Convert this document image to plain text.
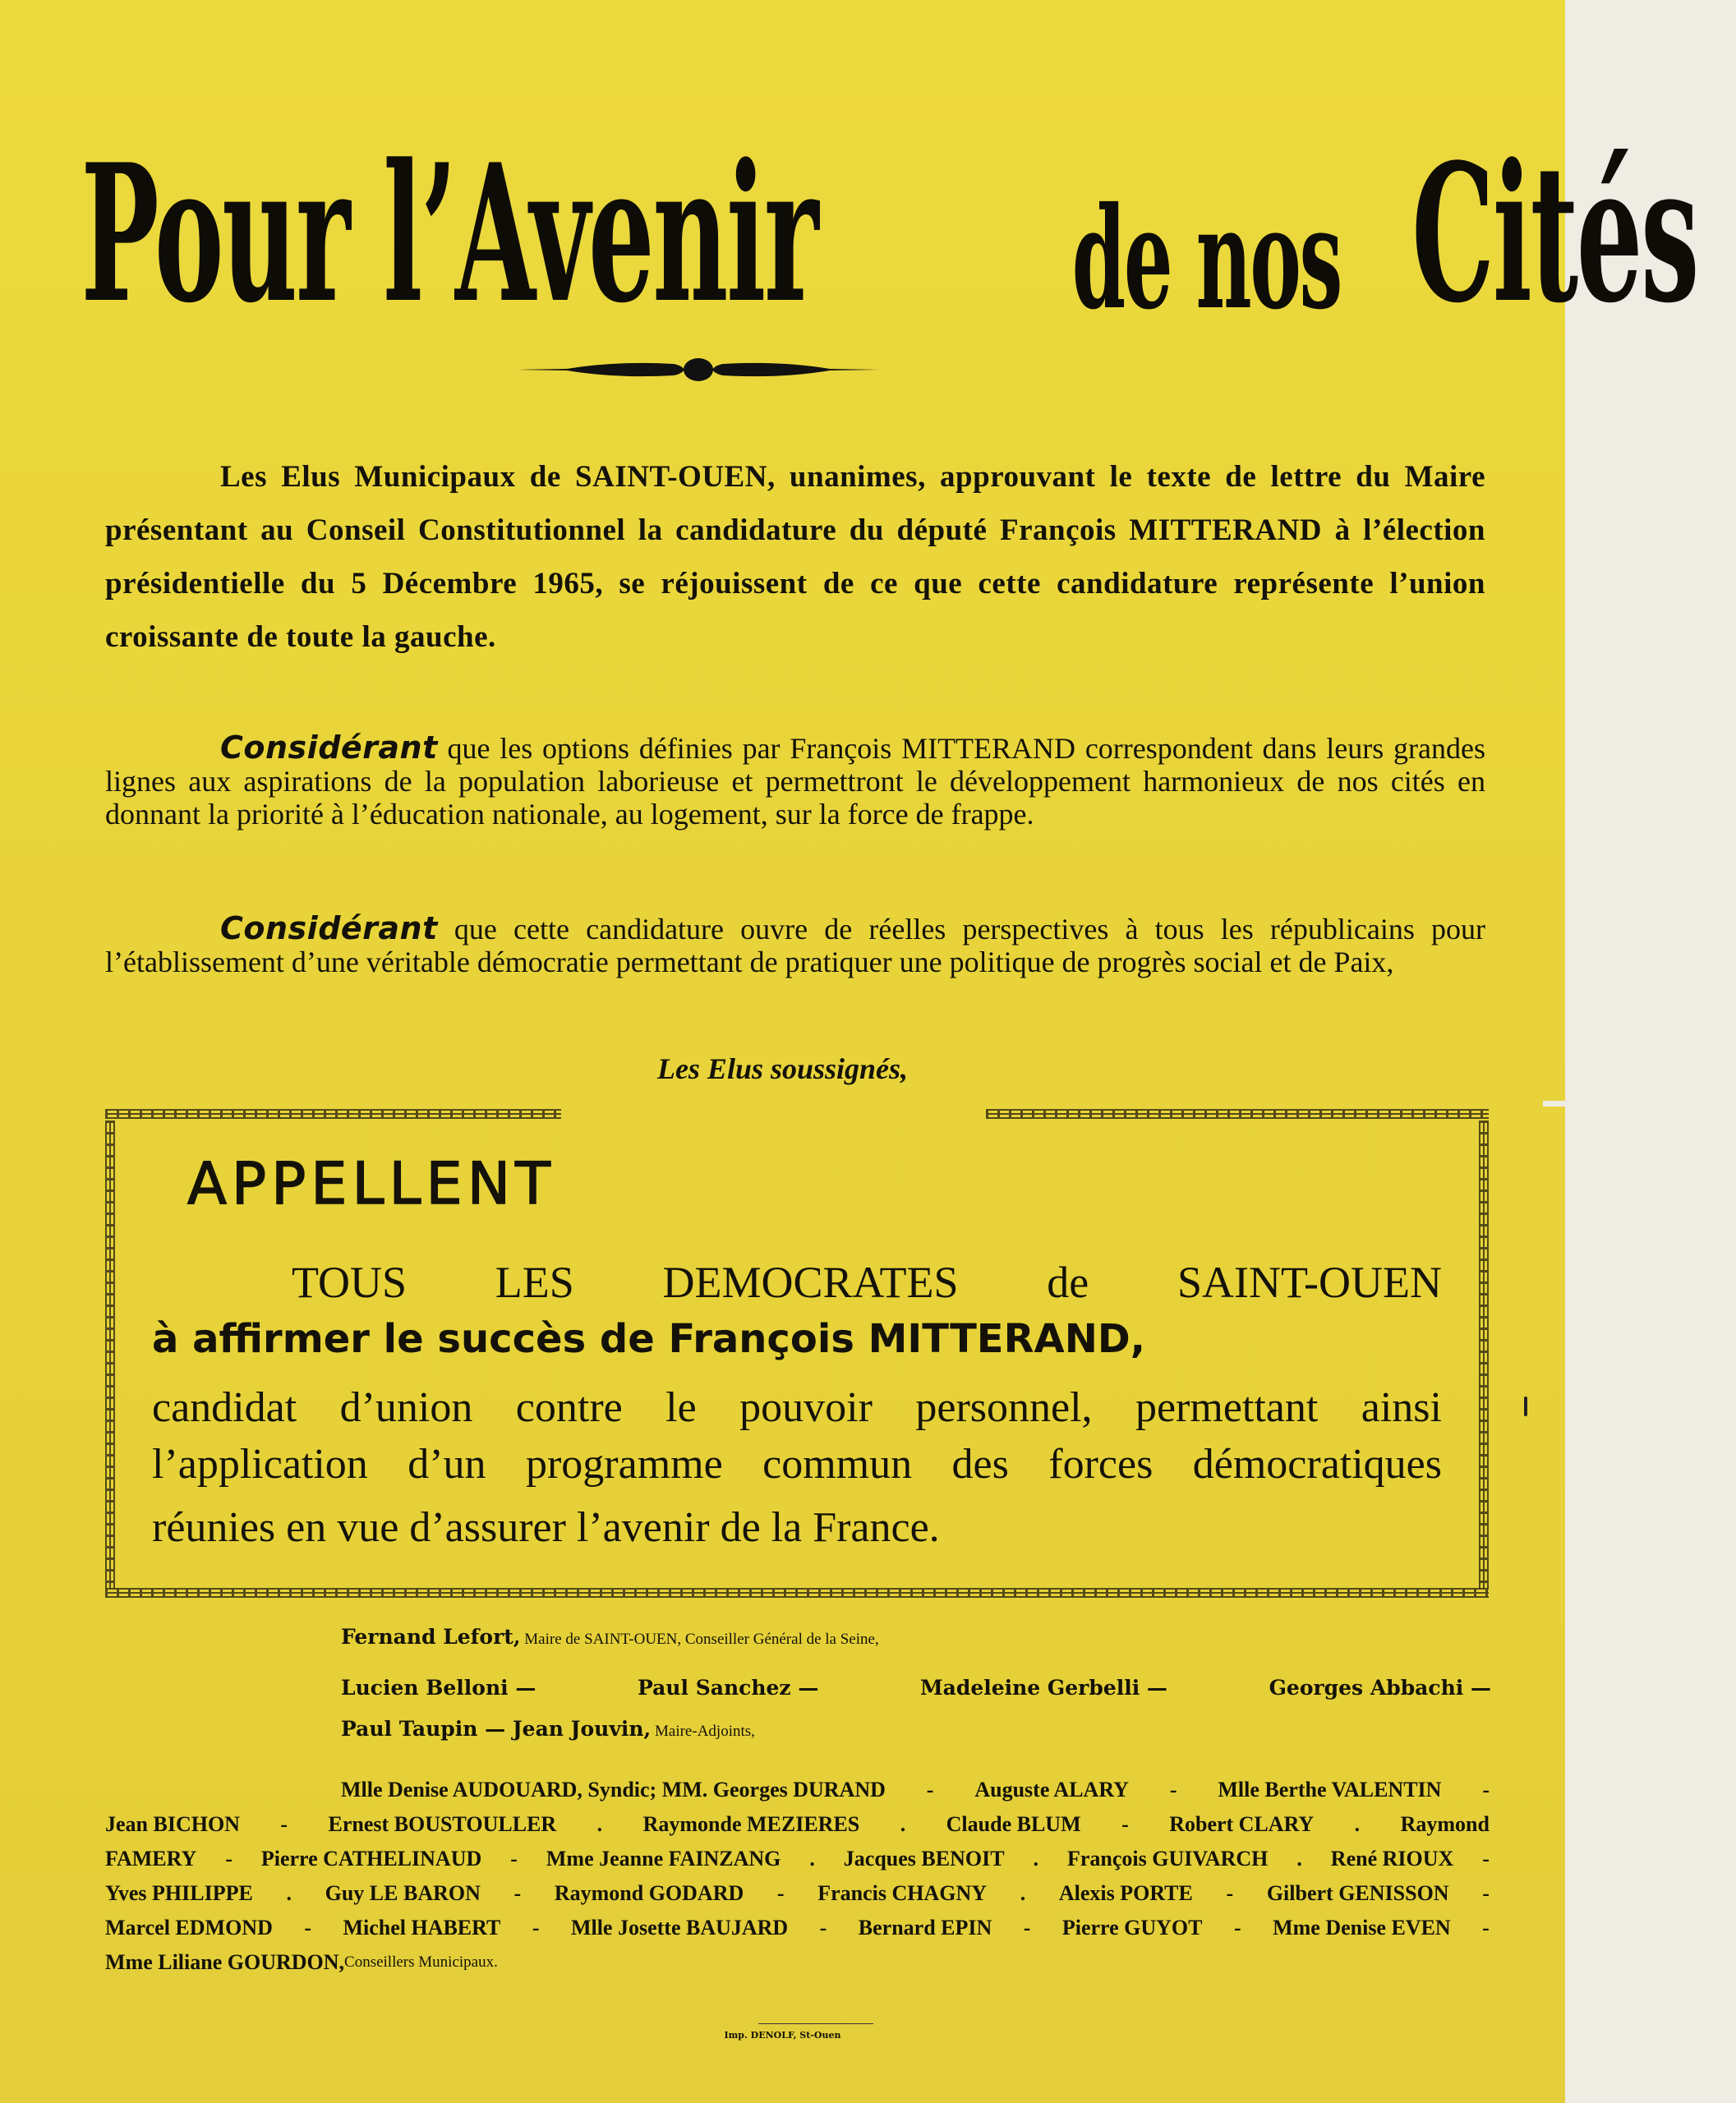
Pour l’Avenir de nos Cités
Les Elus Municipaux de SAINT-OUEN, unanimes, approuvant le texte de lettre du Maire présentant au Conseil Constitutionnel la candidature du député François MITTERAND à l’élection présidentielle du 5 Décembre 1965, se réjouissent de ce que cette candidature représente l’union croissante de toute la gauche.
Considérant que les options définies par François MITTERAND correspondent dans leurs grandes lignes aux aspirations de la population laborieuse et permettront le développement harmonieux de nos cités en donnant la priorité à l’éducation nationale, au logement, sur la force de frappe.
Considérant que cette candidature ouvre de réelles perspectives à tous les républicains pour l’établissement d’une véritable démocratie permettant de pratiquer une politique de progrès social et de Paix,
Les Elus soussignés,
APPELLENT
TOUS LES DEMOCRATES de SAINT-OUEN
à affirmer le succès de François MITTERAND,
candidat d’union contre le pouvoir personnel, permettant ainsi
l’application d’un programme commun des forces démocratiques
réunies en vue d’assurer l’avenir de la France.
Fernand Lefort, Maire de SAINT-OUEN, Conseiller Général de la Seine,
Lucien Belloni —	Paul Sanchez —	Madeleine Gerbelli —	Georges Abbachi —
Paul Taupin — Jean Jouvin, Maire-Adjoints,
Mlle Denise AUDOUARD, Syndic; MM. Georges DURAND - Auguste ALARY - Mlle Berthe VALENTIN -
Jean BICHON - Ernest BOUSTOULLER . Raymonde MEZIERES . Claude BLUM - Robert CLARY . Raymond
FAMERY - Pierre CATHELINAUD - Mme Jeanne FAINZANG . Jacques BENOIT . François GUIVARCH . René RIOUX -
Yves PHILIPPE . Guy LE BARON - Raymond GODARD - Francis CHAGNY . Alexis PORTE - Gilbert GENISSON -
Marcel EDMOND - Michel HABERT - Mlle Josette BAUJARD - Bernard EPIN - Pierre GUYOT - Mme Denise EVEN -
Mme Liliane GOURDON, Conseillers Municipaux.
Imp. DENOLF, St-Ouen
